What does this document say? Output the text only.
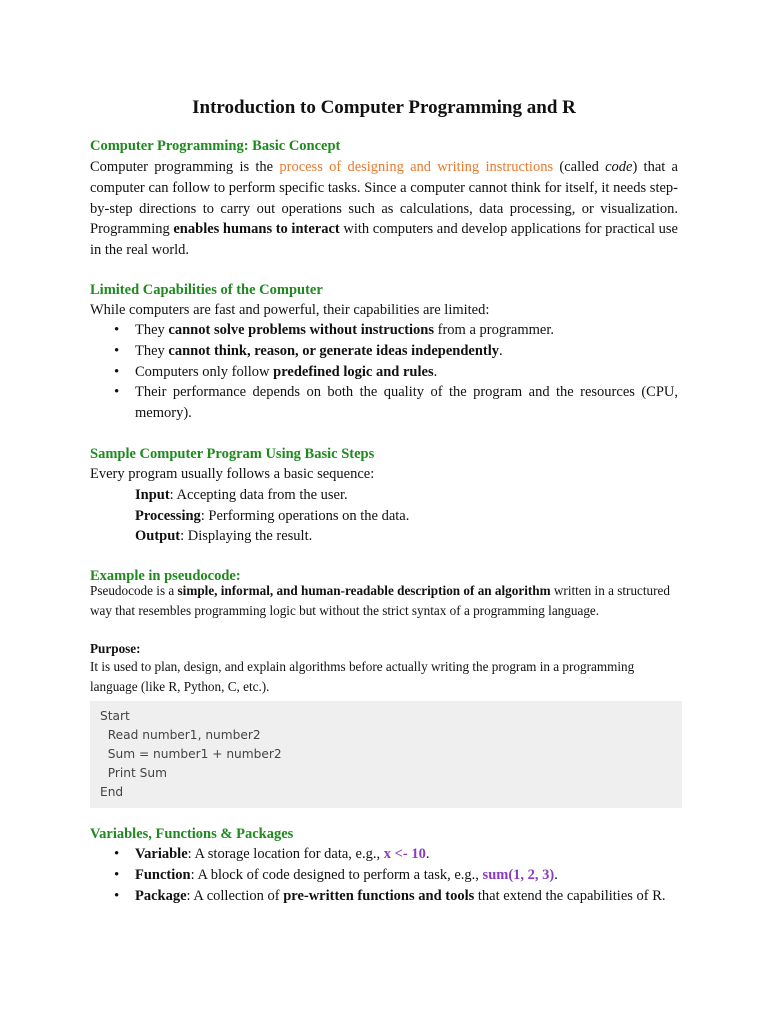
Introduction to Computer Programming and R
Computer Programming: Basic Concept

Computer programming is the process of designing and writing instructions (called code) that a computer can follow to perform specific tasks. Since a computer cannot think for itself, it needs step-by-step directions to carry out operations such as calculations, data processing, or visualization. Programming enables humans to interact with computers and develop applications for practical use in the real world.

Limited Capabilities of the Computer

While computers are fast and powerful, their capabilities are limited:

• They cannot solve problems without instructions from a programmer.
• They cannot think, reason, or generate ideas independently.
• Computers only follow predefined logic and rules.
• Their performance depends on both the quality of the program and the resources (CPU, memory).
Sample Computer Program Using Basic Steps

Every program usually follows a basic sequence:

Input: Accepting data from the user.
Processing: Performing operations on the data.
Output: Displaying the result.
Example in pseudocode:

Pseudocode is a simple, informal, and human-readable description of an algorithm written in a structured way that resembles programming logic but without the strict syntax of a programming language.

Purpose:

It is used to plan, design, and explain algorithms before actually writing the program in a programming language (like R, Python, C, etc.).

Start
Read number1, number2
Sum = number1 + number2
Print Sum
End
Variables, Functions & Packages
• Variable: A storage location for data, e.g., x <- 10.
• Function: A block of code designed to perform a task, e.g., sum(1, 2, 3).
• Package: A collection of pre-written functions and tools that extend the capabilities of R.
